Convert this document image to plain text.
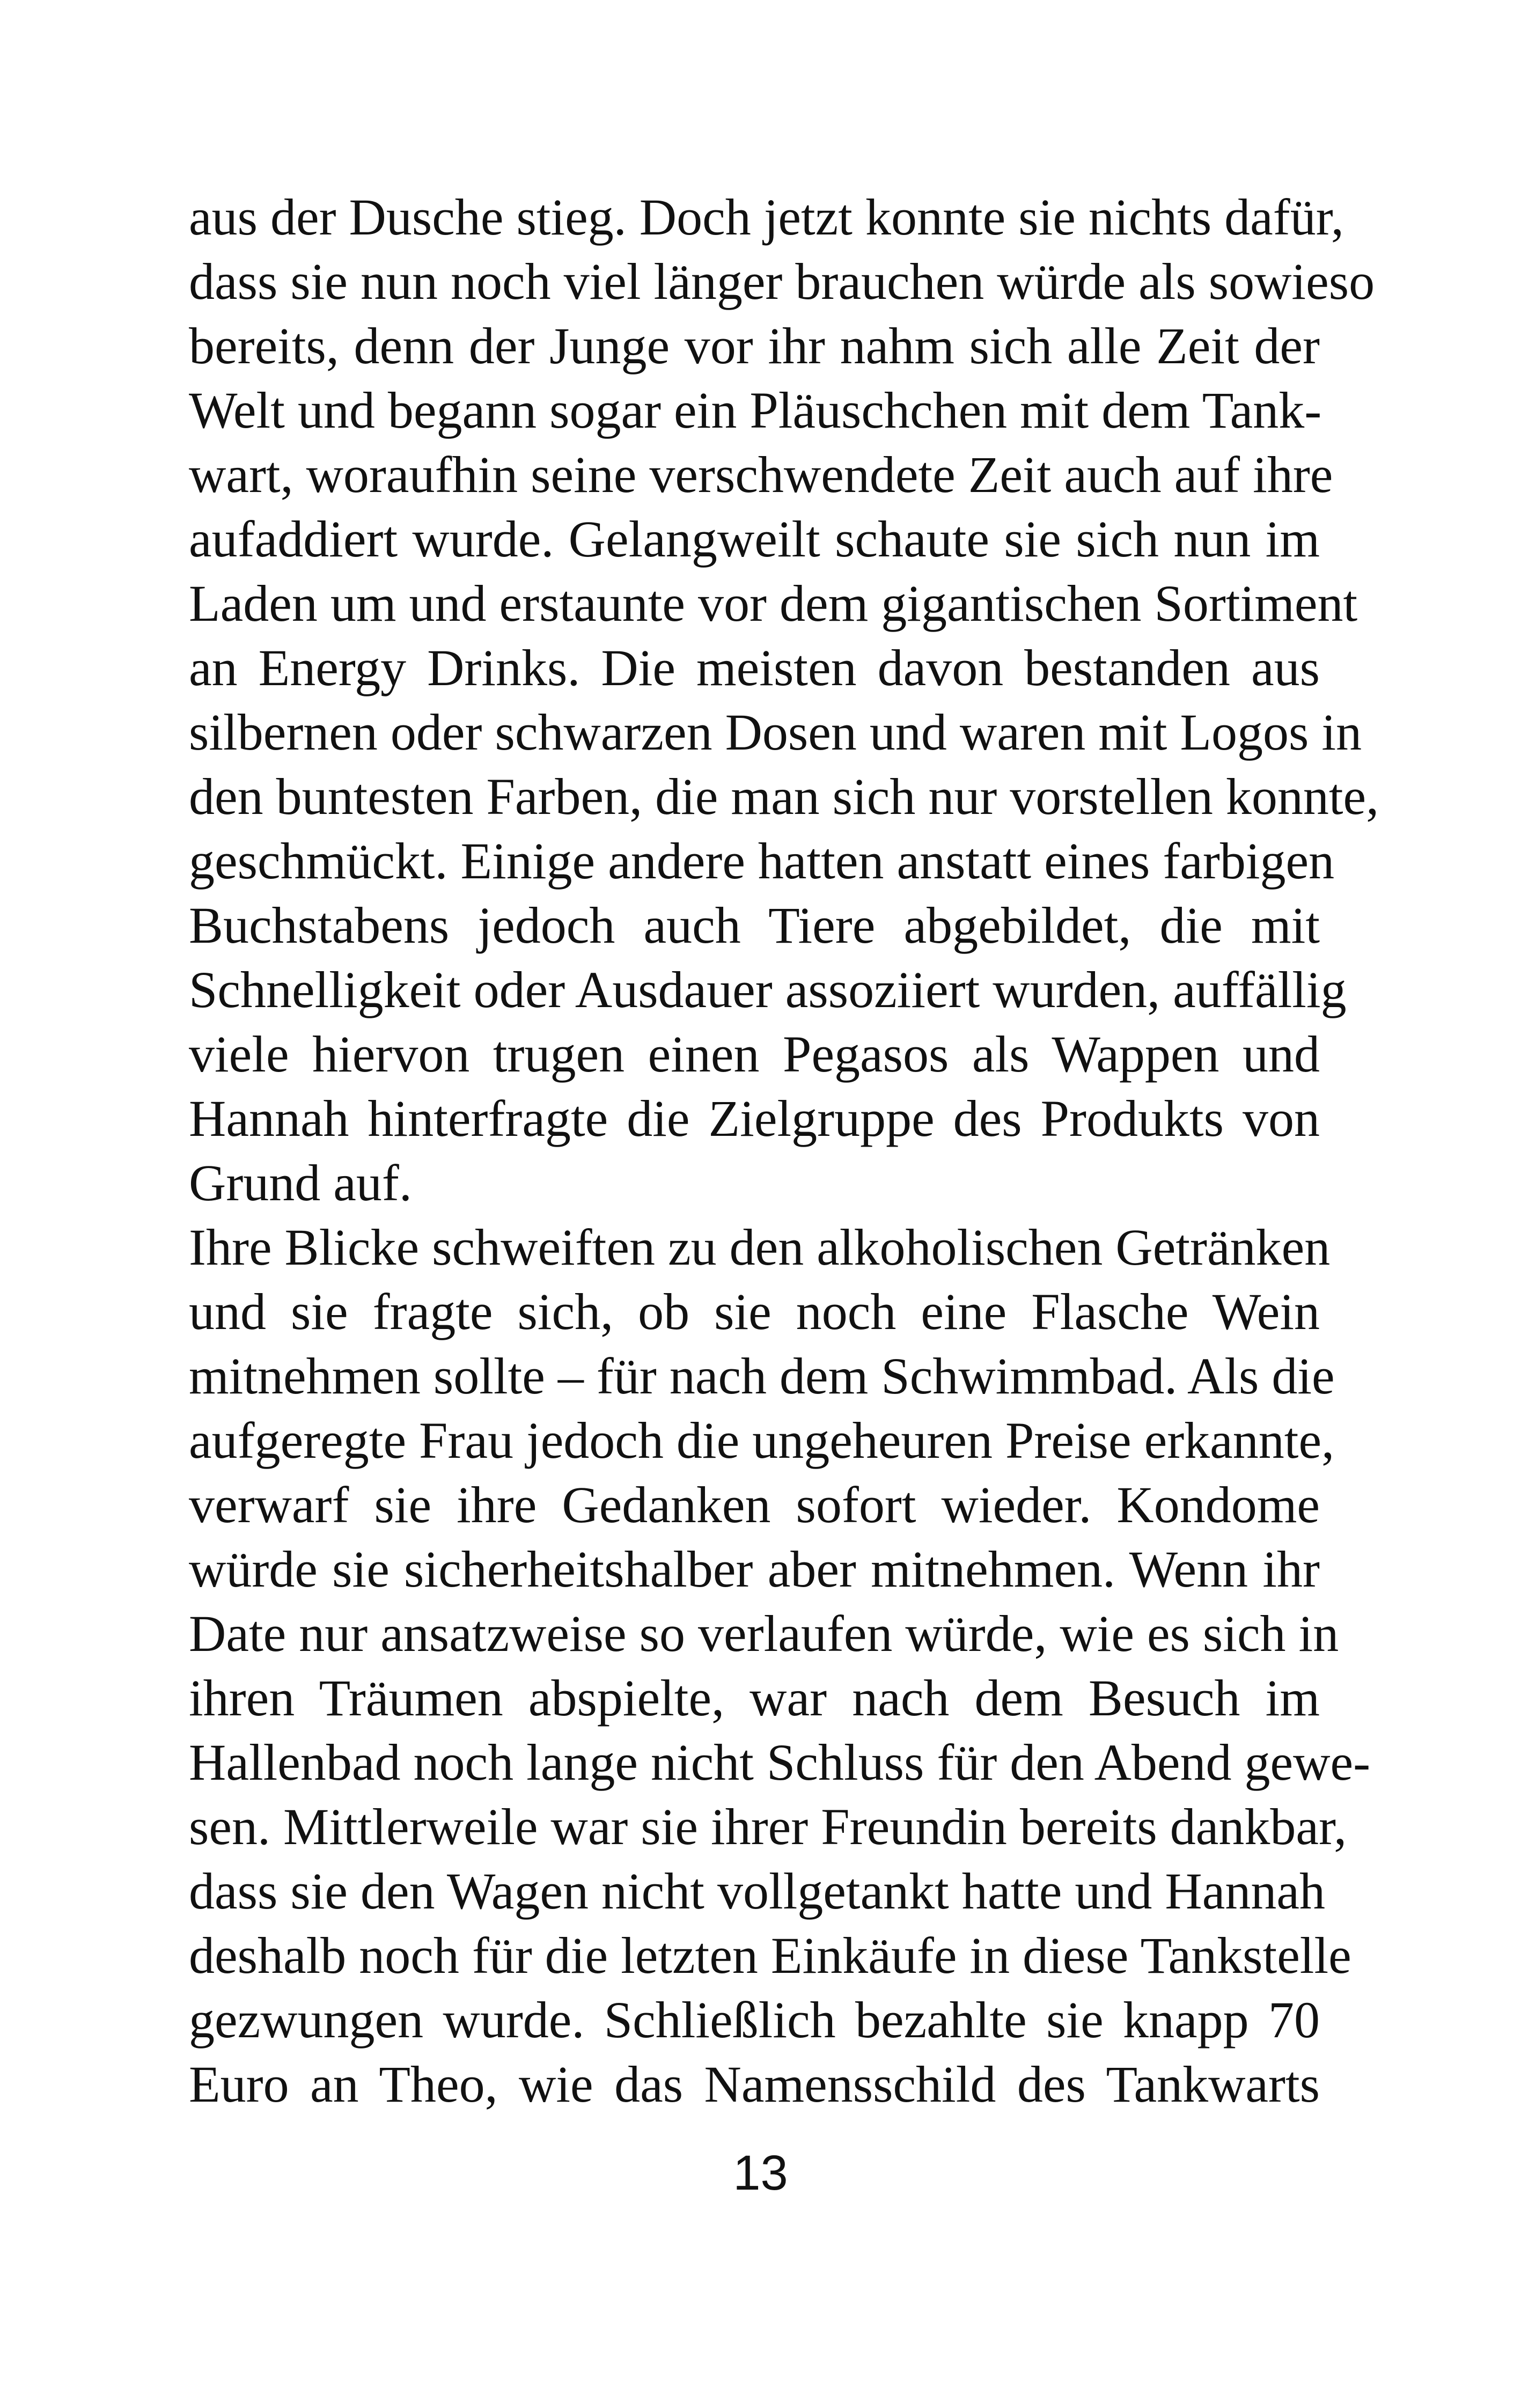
aus der Dusche stieg. Doch jetzt konnte sie nichts dafür,
dass sie nun noch viel länger brauchen würde als sowieso
bereits, denn der Junge vor ihr nahm sich alle Zeit der
Welt und begann sogar ein Pläuschchen mit dem Tank-
wart, woraufhin seine verschwendete Zeit auch auf ihre
aufaddiert wurde. Gelangweilt schaute sie sich nun im
Laden um und erstaunte vor dem gigantischen Sortiment
an Energy Drinks. Die meisten davon bestanden aus
silbernen oder schwarzen Dosen und waren mit Logos in
den buntesten Farben, die man sich nur vorstellen konnte,
geschmückt. Einige andere hatten anstatt eines farbigen
Buchstabens jedoch auch Tiere abgebildet, die mit
Schnelligkeit oder Ausdauer assoziiert wurden, auffällig
viele hiervon trugen einen Pegasos als Wappen und
Hannah hinterfragte die Zielgruppe des Produkts von
Grund auf.
Ihre Blicke schweiften zu den alkoholischen Getränken
und sie fragte sich, ob sie noch eine Flasche Wein
mitnehmen sollte – für nach dem Schwimmbad. Als die
aufgeregte Frau jedoch die ungeheuren Preise erkannte,
verwarf sie ihre Gedanken sofort wieder. Kondome
würde sie sicherheitshalber aber mitnehmen. Wenn ihr
Date nur ansatzweise so verlaufen würde, wie es sich in
ihren Träumen abspielte, war nach dem Besuch im
Hallenbad noch lange nicht Schluss für den Abend gewe-
sen. Mittlerweile war sie ihrer Freundin bereits dankbar,
dass sie den Wagen nicht vollgetankt hatte und Hannah
deshalb noch für die letzten Einkäufe in diese Tankstelle
gezwungen wurde. Schließlich bezahlte sie knapp 70
Euro an Theo, wie das Namensschild des Tankwarts
13
